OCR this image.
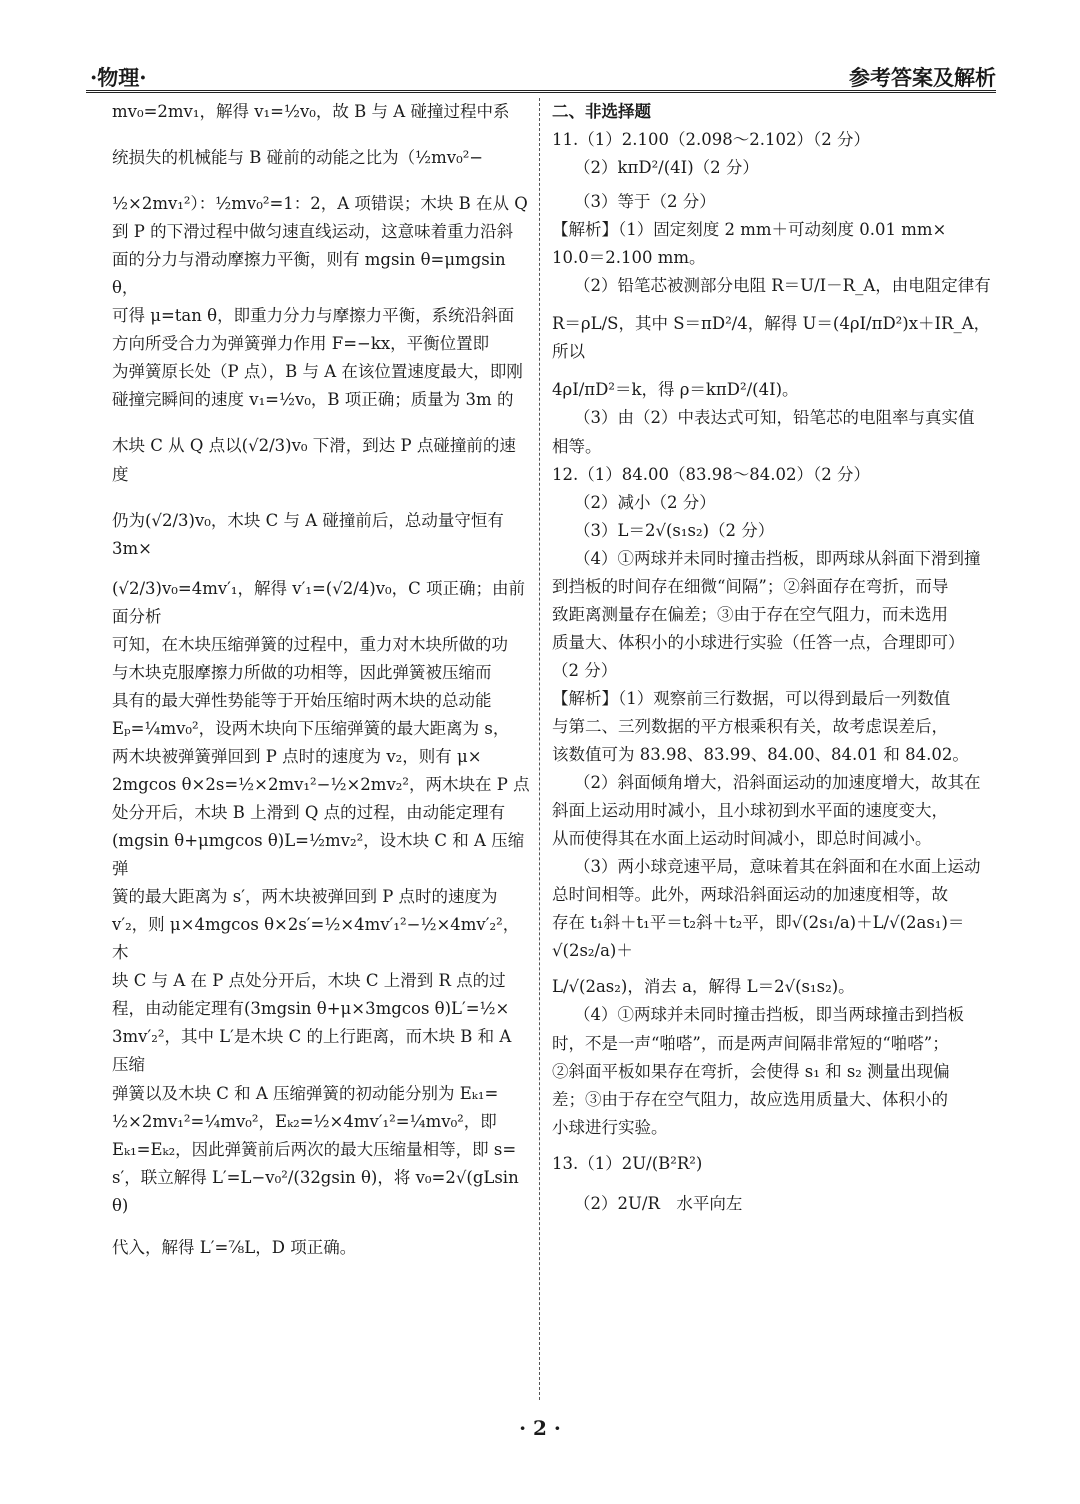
·物理·	参考答案及解析

mv₀=2mv₁，解得 v₁=½v₀，故 B 与 A 碰撞过程中系

统损失的机械能与 B 碰前的动能之比为（½mv₀²−

½×2mv₁²）：½mv₀²=1：2，A 项错误；木块 B 在从 Q

到 P 的下滑过程中做匀速直线运动，这意味着重力沿斜

面的分力与滑动摩擦力平衡，则有 mgsin θ=μmgsin θ，

可得 μ=tan θ，即重力分力与摩擦力平衡，系统沿斜面

方向所受合力为弹簧弹力作用 F=−kx，平衡位置即

为弹簧原长处（P 点），B 与 A 在该位置速度最大，即刚

碰撞完瞬间的速度 v₁=½v₀，B 项正确；质量为 3m 的

木块 C 从 Q 点以(√2/3)v₀ 下滑，到达 P 点碰撞前的速度

仍为(√2/3)v₀，木块 C 与 A 碰撞前后，总动量守恒有 3m×

(√2/3)v₀=4mv′₁，解得 v′₁=(√2/4)v₀，C 项正确；由前面分析

可知，在木块压缩弹簧的过程中，重力对木块所做的功

与木块克服摩擦力所做的功相等，因此弹簧被压缩而

具有的最大弹性势能等于开始压缩时两木块的总动能

Eₚ=¼mv₀²，设两木块向下压缩弹簧的最大距离为 s，

两木块被弹簧弹回到 P 点时的速度为 v₂，则有 μ×

2mgcos θ×2s=½×2mv₁²−½×2mv₂²，两木块在 P 点

处分开后，木块 B 上滑到 Q 点的过程，由动能定理有

(mgsin θ+μmgcos θ)L=½mv₂²，设木块 C 和 A 压缩弹

簧的最大距离为 s′，两木块被弹回到 P 点时的速度为

v′₂，则 μ×4mgcos θ×2s′=½×4mv′₁²−½×4mv′₂²，木

块 C 与 A 在 P 点处分开后，木块 C 上滑到 R 点的过

程，由动能定理有(3mgsin θ+μ×3mgcos θ)L′=½×

3mv′₂²，其中 L′是木块 C 的上行距离，而木块 B 和 A 压缩

弹簧以及木块 C 和 A 压缩弹簧的初动能分别为 Eₖ₁=

½×2mv₁²=¼mv₀²，Eₖ₂=½×4mv′₁²=¼mv₀²，即

Eₖ₁=Eₖ₂，因此弹簧前后两次的最大压缩量相等，即 s=

s′，联立解得 L′=L−v₀²/(32gsin θ)，将 v₀=2√(gLsin θ)

代入，解得 L′=⅞L，D 项正确。

二、非选择题

11.（1）2.100（2.098～2.102）（2 分）

（2）kπD²/(4I)（2 分）

（3）等于（2 分）

【解析】（1）固定刻度 2 mm＋可动刻度 0.01 mm×

10.0＝2.100 mm。

（2）铅笔芯被测部分电阻 R＝U/I－R_A，由电阻定律有

R＝ρL/S，其中 S＝πD²/4，解得 U＝(4ρI/πD²)x＋IR_A，所以

4ρI/πD²＝k，得 ρ＝kπD²/(4I)。

（3）由（2）中表达式可知，铅笔芯的电阻率与真实值

相等。

12.（1）84.00（83.98～84.02）（2 分）

（2）减小（2 分）

（3）L＝2√(s₁s₂)（2 分）

（4）①两球并未同时撞击挡板，即两球从斜面下滑到撞

到挡板的时间存在细微“间隔”；②斜面存在弯折，而导

致距离测量存在偏差；③由于存在空气阻力，而未选用

质量大、体积小的小球进行实验（任答一点，合理即可）

（2 分）

【解析】（1）观察前三行数据，可以得到最后一列数值

与第二、三列数据的平方根乘积有关，故考虑误差后，

该数值可为 83.98、83.99、84.00、84.01 和 84.02。

（2）斜面倾角增大，沿斜面运动的加速度增大，故其在

斜面上运动用时减小，且小球初到水平面的速度变大，

从而使得其在水面上运动时间减小，即总时间减小。

（3）两小球竞速平局，意味着其在斜面和在水面上运动

总时间相等。此外，两球沿斜面运动的加速度相等，故

存在 t₁斜＋t₁平＝t₂斜＋t₂平，即√(2s₁/a)＋L/√(2as₁)＝√(2s₂/a)＋

L/√(2as₂)，消去 a，解得 L＝2√(s₁s₂)。

（4）①两球并未同时撞击挡板，即当两球撞击到挡板

时，不是一声“啪嗒”，而是两声间隔非常短的“啪嗒”；

②斜面平板如果存在弯折，会使得 s₁ 和 s₂ 测量出现偏

差；③由于存在空气阻力，故应选用质量大、体积小的

小球进行实验。

13.（1）2U/(B²R²)

（2）2U/R　水平向左

· 2 ·
